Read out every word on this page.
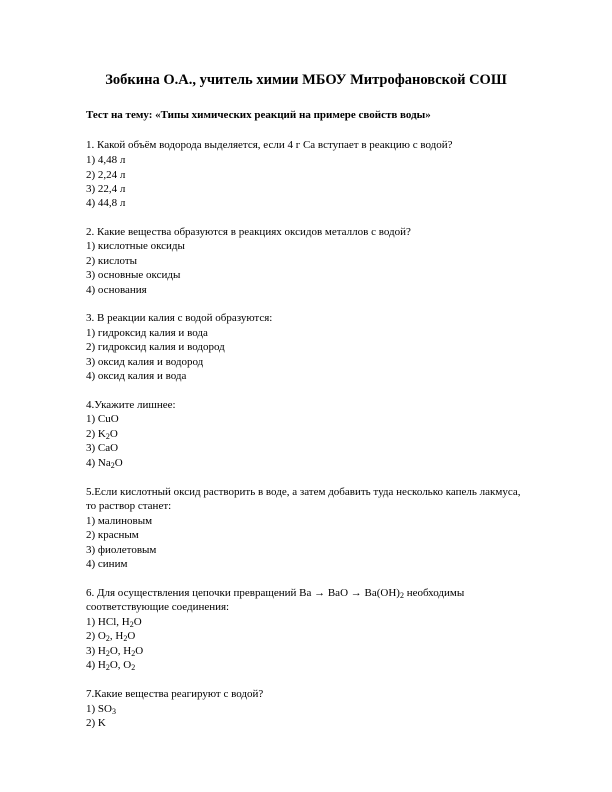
Зобкина О.А., учитель химии МБОУ Митрофановской СОШ
Тест на тему: «Типы химических реакций на примере свойств воды»
1. Какой объём водорода выделяется, если 4 г Са вступает в реакцию с водой?
1) 4,48 л
2) 2,24 л
3) 22,4 л
4) 44,8 л
2. Какие вещества образуются в реакциях оксидов металлов с водой?
1) кислотные оксиды
2) кислоты
3) основные оксиды
4) основания
3. В реакции калия с водой образуются:
1) гидроксид калия и вода
2) гидроксид калия и водород
3) оксид калия и водород
4) оксид калия и вода
4.Укажите лишнее:
1) CuO
2) $K_2O$
3) CaO
4) $Na_2O$
5.Если кислотный оксид растворить в воде, а затем добавить туда несколько капель лакмуса,
то раствор станет:
1) малиновым
2) красным
3) фиолетовым
4) синим
6. Для осуществления цепочки превращений Ba → BaO → $Ba(OH)_2$ необходимы
соответствующие соединения:
1) HCl, $H_2O$
2) $O_2$, $H_2O$
3) $H_2O$, $H_2O$
4) $H_2O$, $O_2$
7.Какие вещества реагируют с водой?
1) $SO_3$
2) K
